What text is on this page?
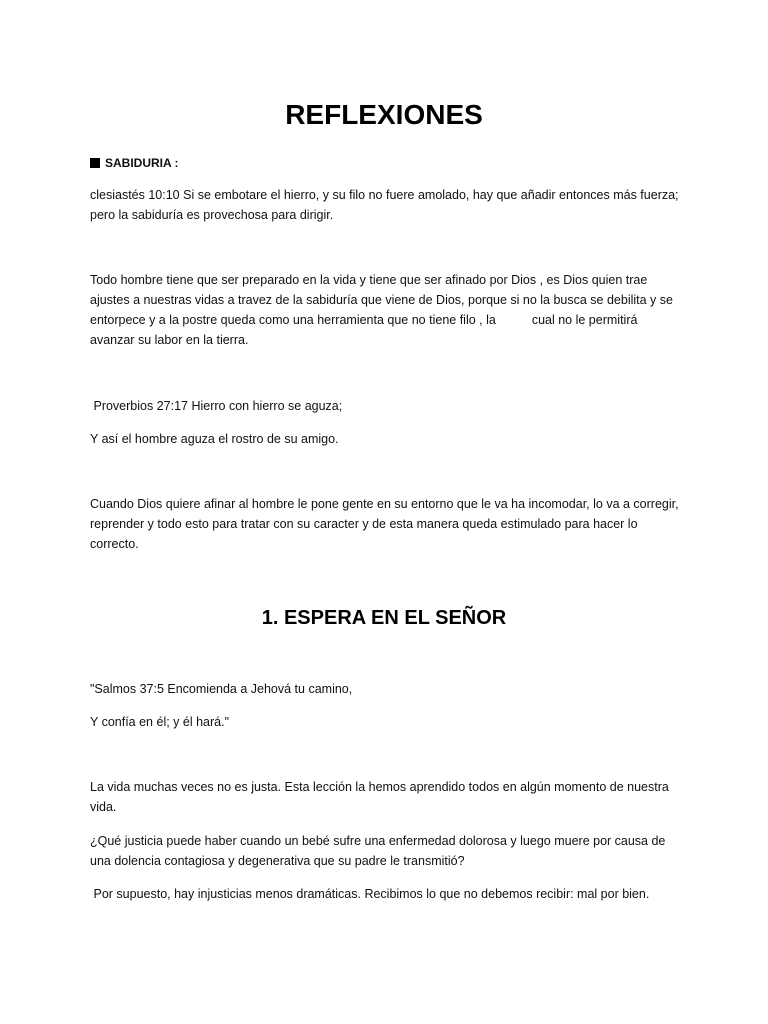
REFLEXIONES
SABIDURIA :

clesiastés 10:10 Si se embotare el hierro, y su filo no fuere amolado, hay que añadir entonces más fuerza; pero la sabiduría es provechosa para dirigir.

Todo hombre tiene que ser preparado en la vida y tiene que ser afinado por Dios , es Dios quien trae ajustes a nuestras vidas a travez de la sabiduría que viene de Dios, porque si no la busca se debilita y se entorpece y a la postre queda como una herramienta que no tiene filo , la	cual no le permitirá avanzar su labor en la tierra.

Proverbios 27:17 Hierro con hierro se aguza;

Y así el hombre aguza el rostro de su amigo.

Cuando Dios quiere afinar al hombre le pone gente en su entorno que le va ha incomodar, lo va a corregir, reprender y todo esto para tratar con su caracter y de esta manera queda estimulado para hacer lo correcto.

1. ESPERA EN EL SEÑOR

"Salmos 37:5 Encomienda a Jehová tu camino,

Y confía en él; y él hará."

La vida muchas veces no es justa. Esta lección la hemos aprendido todos en algún momento de nuestra vida.

¿Qué justicia puede haber cuando un bebé sufre una enfermedad dolorosa y luego muere por causa de una dolencia contagiosa y degenerativa que su padre le transmitió?

Por supuesto, hay injusticias menos dramáticas. Recibimos lo que no debemos recibir: mal por bien.
